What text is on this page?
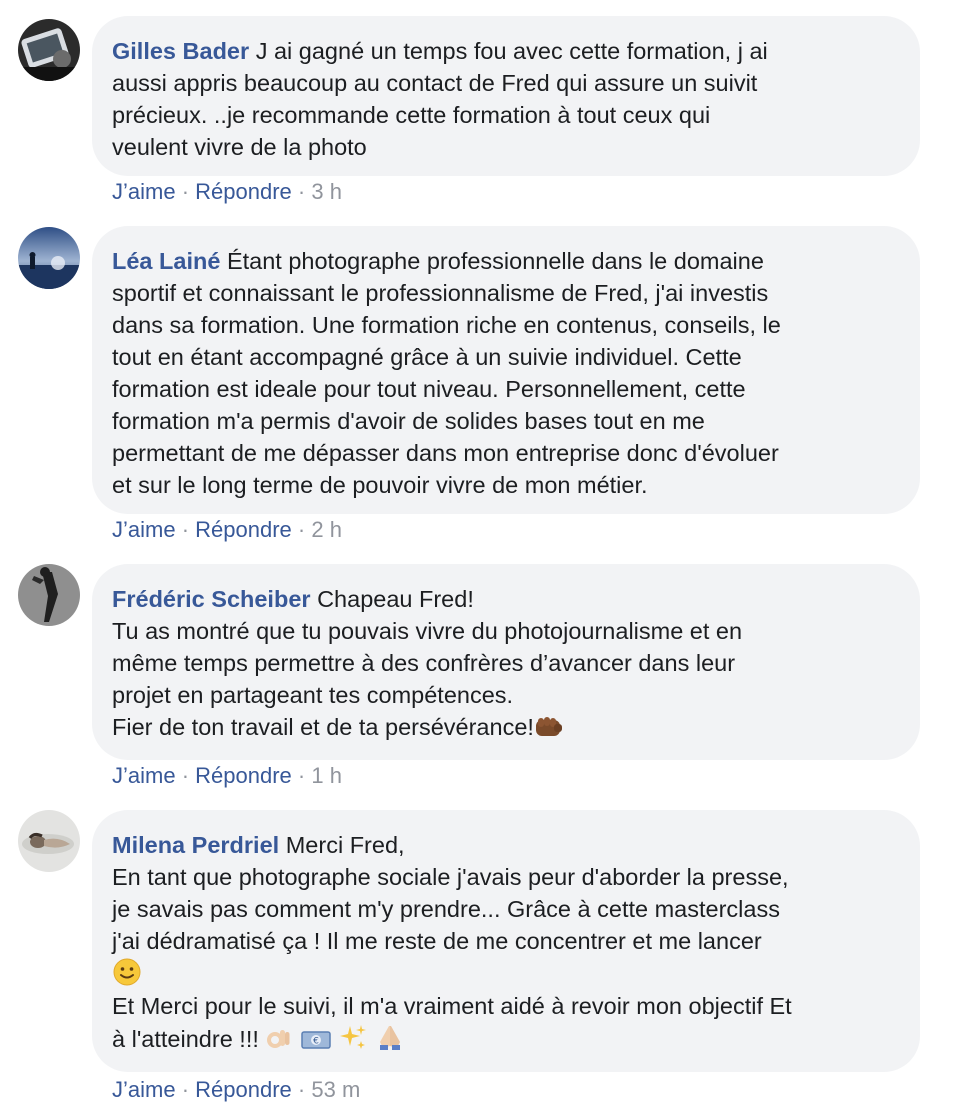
Gilles Bader J ai gagné un temps fou avec cette formation, j ai
aussi appris beaucoup au contact de Fred qui assure un suivit
précieux. ..je recommande cette formation à tout ceux qui
veulent vivre de la photo
J’aime · Répondre · 3 h
Léa Lainé Étant photographe professionnelle dans le domaine
sportif et connaissant le professionnalisme de Fred, j'ai investis
dans sa formation. Une formation riche en contenus, conseils, le
tout en étant accompagné grâce à un suivie individuel. Cette
formation est ideale pour tout niveau. Personnellement, cette
formation m'a permis d'avoir de solides bases tout en me
permettant de me dépasser dans mon entreprise donc d'évoluer
et sur le long terme de pouvoir vivre de mon métier.
J’aime · Répondre · 2 h
Frédéric Scheiber Chapeau Fred!
Tu as montré que tu pouvais vivre du photojournalisme et en
même temps permettre à des confrères d’avancer dans leur
projet en partageant tes compétences.
Fier de ton travail et de ta persévérance!
J’aime · Répondre · 1 h
Milena Perdriel Merci Fred,
En tant que photographe sociale j'avais peur d'aborder la presse,
je savais pas comment m'y prendre... Grâce à cette masterclass
j'ai dédramatisé ça ! Il me reste de me concentrer et me lancer
Et Merci pour le suivi, il m'a vraiment aidé à revoir mon objectif Et
à l'atteindre !!!
	€

J’aime · Répondre · 53 m
